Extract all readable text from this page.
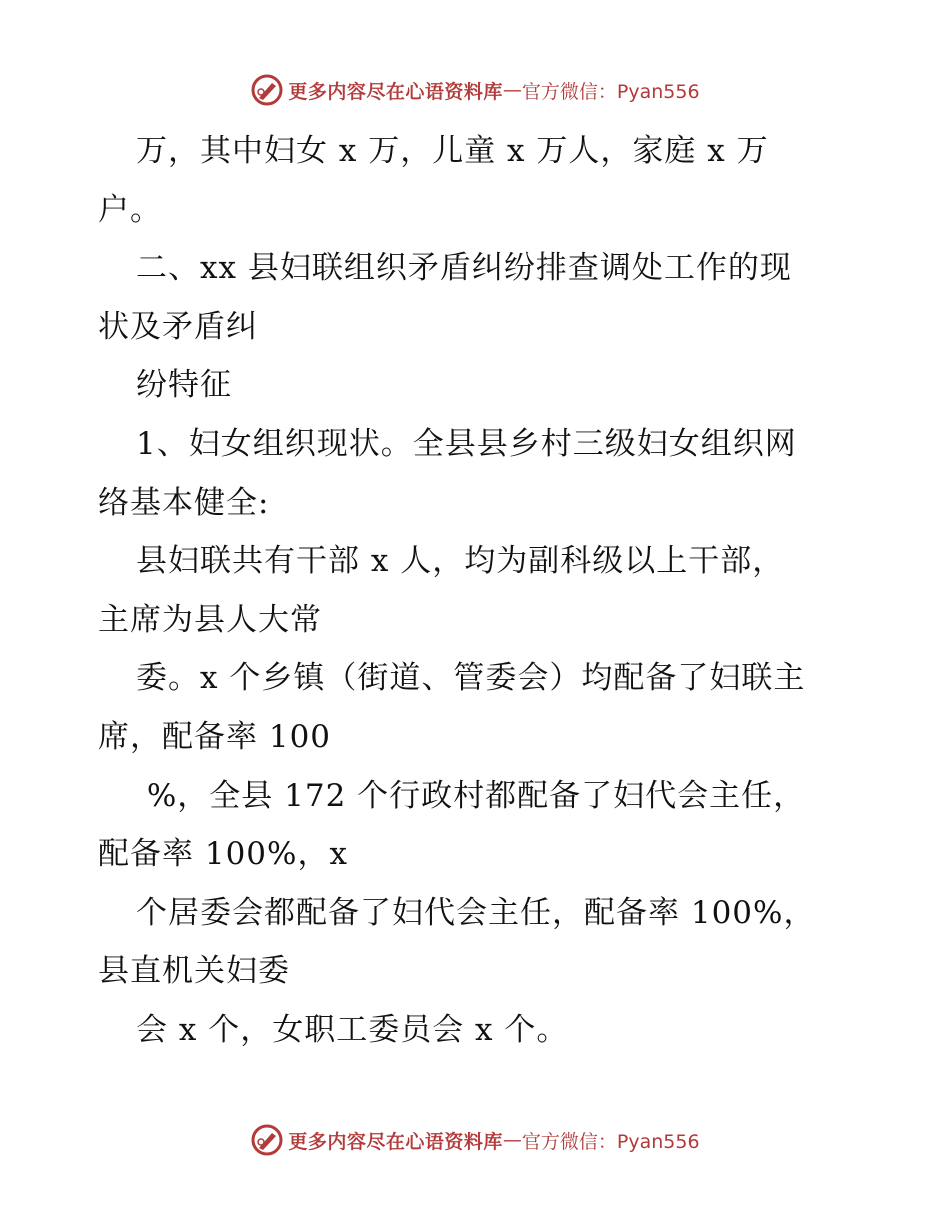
更多内容尽在心语资料库 — 官方微信：Pyan556
万，其中妇女 x 万，儿童 x 万人，家庭 x 万
户。
二、xx 县妇联组织矛盾纠纷排查调处工作的现
状及矛盾纠
纷特征
1、妇女组织现状。全县县乡村三级妇女组织网
络基本健全:
县妇联共有干部 x 人，均为副科级以上干部，
主席为县人大常
委。x 个乡镇（街道、管委会）均配备了妇联主
席，配备率 100
%，全县 172 个行政村都配备了妇代会主任，
配备率 100%，x
个居委会都配备了妇代会主任，配备率 100%，
县直机关妇委
会 x 个，女职工委员会 x 个。
更多内容尽在心语资料库 — 官方微信：Pyan556
